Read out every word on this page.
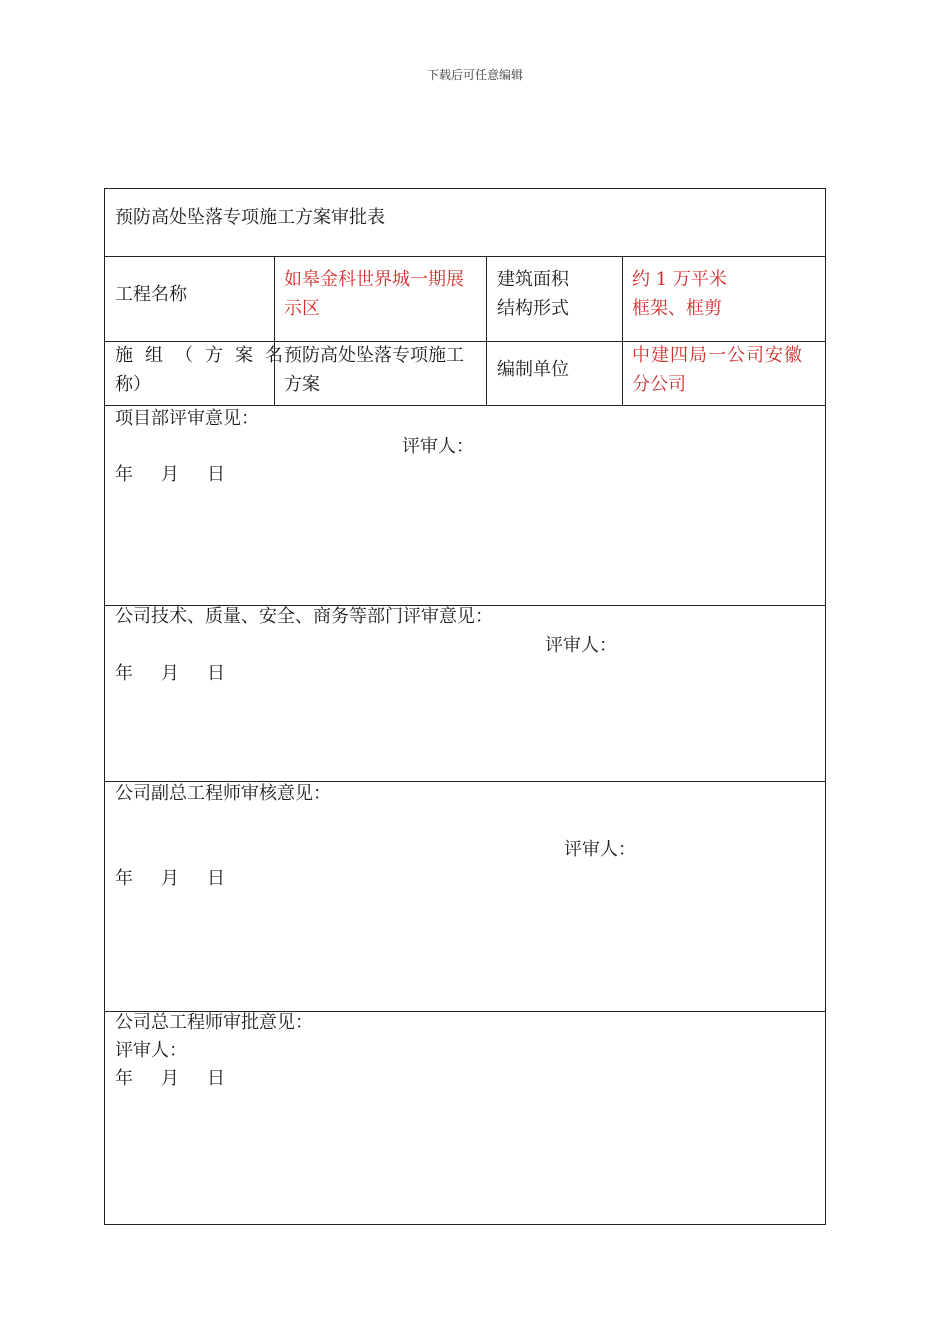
下载后可任意编辑
预防高处坠落专项施工方案审批表
工程名称
如皋金科世界城一期展
示区
建筑面积
结构形式
约 1 万平米
框架、框剪
施组（方案名
称）
预防高处坠落专项施工
方案
编制单位
中建四局一公司安徽
分公司
项目部评审意见：
评审人：
年 月 日
公司技术、质量、安全、商务等部门评审意见：
评审人：
年 月 日
公司副总工程师审核意见：
评审人：
年 月 日
公司总工程师审批意见：
评审人：
年 月 日
